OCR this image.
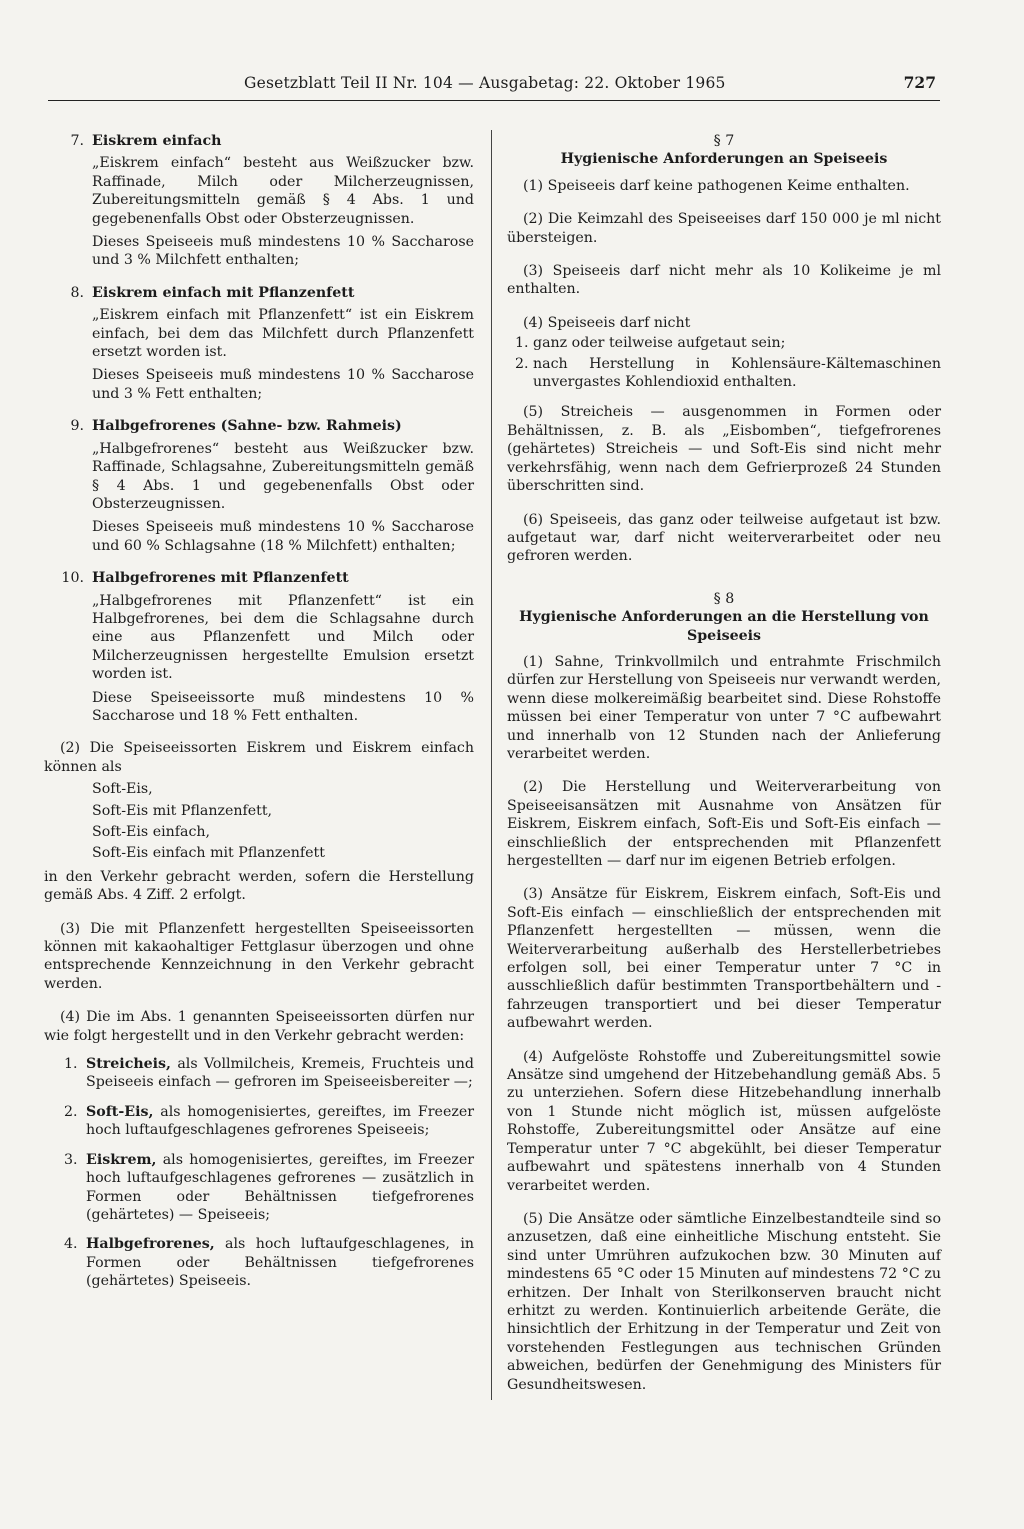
Gesetzblatt Teil II Nr. 104 — Ausgabetag: 22. Oktober 1965	727
7. Eiskrem einfach

„Eiskrem einfach“ besteht aus Weißzucker bzw. Raffinade, Milch oder Milcherzeugnissen, Zubereitungsmitteln gemäß § 4 Abs. 1 und gegebenenfalls Obst oder Obsterzeugnissen.

Dieses Speiseeis muß mindestens 10 % Saccharose und 3 % Milchfett enthalten;

8. Eiskrem einfach mit Pflanzenfett

„Eiskrem einfach mit Pflanzenfett“ ist ein Eiskrem einfach, bei dem das Milchfett durch Pflanzenfett ersetzt worden ist.

Dieses Speiseeis muß mindestens 10 % Saccharose und 3 % Fett enthalten;

9. Halbgefrorenes (Sahne- bzw. Rahmeis)

„Halbgefrorenes“ besteht aus Weißzucker bzw. Raffinade, Schlagsahne, Zubereitungsmitteln gemäß § 4 Abs. 1 und gegebenenfalls Obst oder Obsterzeugnissen.

Dieses Speiseeis muß mindestens 10 % Saccharose und 60 % Schlagsahne (18 % Milchfett) enthalten;

10. Halbgefrorenes mit Pflanzenfett

„Halbgefrorenes mit Pflanzenfett“ ist ein Halbgefrorenes, bei dem die Schlagsahne durch eine aus Pflanzenfett und Milch oder Milcherzeugnissen hergestellte Emulsion ersetzt worden ist.

Diese Speiseeissorte muß mindestens 10 % Saccharose und 18 % Fett enthalten.

(2) Die Speiseeissorten Eiskrem und Eiskrem einfach können als

Soft-Eis,
Soft-Eis mit Pflanzenfett,
Soft-Eis einfach,
Soft-Eis einfach mit Pflanzenfett

in den Verkehr gebracht werden, sofern die Herstellung gemäß Abs. 4 Ziff. 2 erfolgt.

(3) Die mit Pflanzenfett hergestellten Speiseeissorten können mit kakaohaltiger Fettglasur überzogen und ohne entsprechende Kennzeichnung in den Verkehr gebracht werden.

(4) Die im Abs. 1 genannten Speiseeissorten dürfen nur wie folgt hergestellt und in den Verkehr gebracht werden:

1. Streicheis, als Vollmilcheis, Kremeis, Fruchteis und Speiseeis einfach — gefroren im Speiseeisbereiter —;
2. Soft-Eis, als homogenisiertes, gereiftes, im Freezer hoch luftaufgeschlagenes gefrorenes Speiseeis;
3. Eiskrem, als homogenisiertes, gereiftes, im Freezer hoch luftaufgeschlagenes gefrorenes — zusätzlich in Formen oder Behältnissen tiefgefrorenes (gehärtetes) — Speiseeis;
4. Halbgefrorenes, als hoch luftaufgeschlagenes, in Formen oder Behältnissen tiefgefrorenes (gehärtetes) Speiseeis.
§ 7
Hygienische Anforderungen an Speiseeis

(1) Speiseeis darf keine pathogenen Keime enthalten.

(2) Die Keimzahl des Speiseeises darf 150 000 je ml nicht übersteigen.

(3) Speiseeis darf nicht mehr als 10 Kolikeime je ml enthalten.

(4) Speiseeis darf nicht

1. ganz oder teilweise aufgetaut sein;
2. nach Herstellung in Kohlensäure-Kältemaschinen unvergastes Kohlendioxid enthalten.

(5) Streicheis — ausgenommen in Formen oder Behältnissen, z. B. als „Eisbomben“, tiefgefrorenes (gehärtetes) Streicheis — und Soft-Eis sind nicht mehr verkehrsfähig, wenn nach dem Gefrierprozeß 24 Stunden überschritten sind.

(6) Speiseeis, das ganz oder teilweise aufgetaut ist bzw. aufgetaut war, darf nicht weiterverarbeitet oder neu gefroren werden.

§ 8
Hygienische Anforderungen an die Herstellung von Speiseeis

(1) Sahne, Trinkvollmilch und entrahmte Frischmilch dürfen zur Herstellung von Speiseeis nur verwandt werden, wenn diese molkereimäßig bearbeitet sind. Diese Rohstoffe müssen bei einer Temperatur von unter 7 °C aufbewahrt und innerhalb von 12 Stunden nach der Anlieferung verarbeitet werden.

(2) Die Herstellung und Weiterverarbeitung von Speiseeisansätzen mit Ausnahme von Ansätzen für Eiskrem, Eiskrem einfach, Soft-Eis und Soft-Eis einfach — einschließlich der entsprechenden mit Pflanzenfett hergestellten — darf nur im eigenen Betrieb erfolgen.

(3) Ansätze für Eiskrem, Eiskrem einfach, Soft-Eis und Soft-Eis einfach — einschließlich der entsprechenden mit Pflanzenfett hergestellten — müssen, wenn die Weiterverarbeitung außerhalb des Herstellerbetriebes erfolgen soll, bei einer Temperatur unter 7 °C in ausschließlich dafür bestimmten Transportbehältern und -fahrzeugen transportiert und bei dieser Temperatur aufbewahrt werden.

(4) Aufgelöste Rohstoffe und Zubereitungsmittel sowie Ansätze sind umgehend der Hitzebehandlung gemäß Abs. 5 zu unterziehen. Sofern diese Hitzebehandlung innerhalb von 1 Stunde nicht möglich ist, müssen aufgelöste Rohstoffe, Zubereitungsmittel oder Ansätze auf eine Temperatur unter 7 °C abgekühlt, bei dieser Temperatur aufbewahrt und spätestens innerhalb von 4 Stunden verarbeitet werden.

(5) Die Ansätze oder sämtliche Einzelbestandteile sind so anzusetzen, daß eine einheitliche Mischung entsteht. Sie sind unter Umrühren aufzukochen bzw. 30 Minuten auf mindestens 65 °C oder 15 Minuten auf mindestens 72 °C zu erhitzen. Der Inhalt von Sterilkonserven braucht nicht erhitzt zu werden. Kontinuierlich arbeitende Geräte, die hinsichtlich der Erhitzung in der Temperatur und Zeit von vorstehenden Festlegungen aus technischen Gründen abweichen, bedürfen der Genehmigung des Ministers für Gesundheitswesen.
